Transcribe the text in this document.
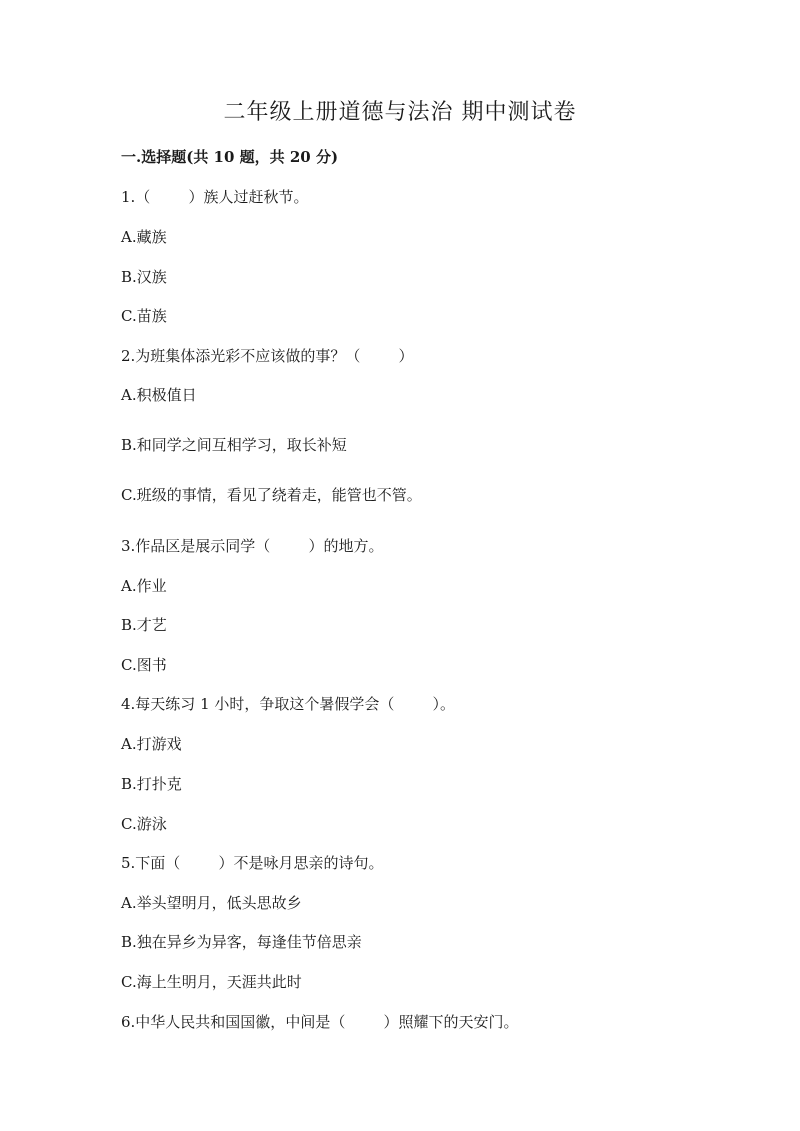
二年级上册道德与法治 期中测试卷
一.选择题(共 10 题，共 20 分)
1.（        ）族人过赶秋节。
A.藏族
B.汉族
C.苗族
2.为班集体添光彩不应该做的事？（        ）
A.积极值日
B.和同学之间互相学习，取长补短
C.班级的事情，看见了绕着走，能管也不管。
3.作品区是展示同学（        ）的地方。
A.作业
B.才艺
C.图书
4.每天练习 1 小时，争取这个暑假学会（        ）。
A.打游戏
B.打扑克
C.游泳
5.下面（        ）不是咏月思亲的诗句。
A.举头望明月，低头思故乡
B.独在异乡为异客，每逢佳节倍思亲
C.海上生明月，天涯共此时
6.中华人民共和国国徽，中间是（        ）照耀下的天安门。
